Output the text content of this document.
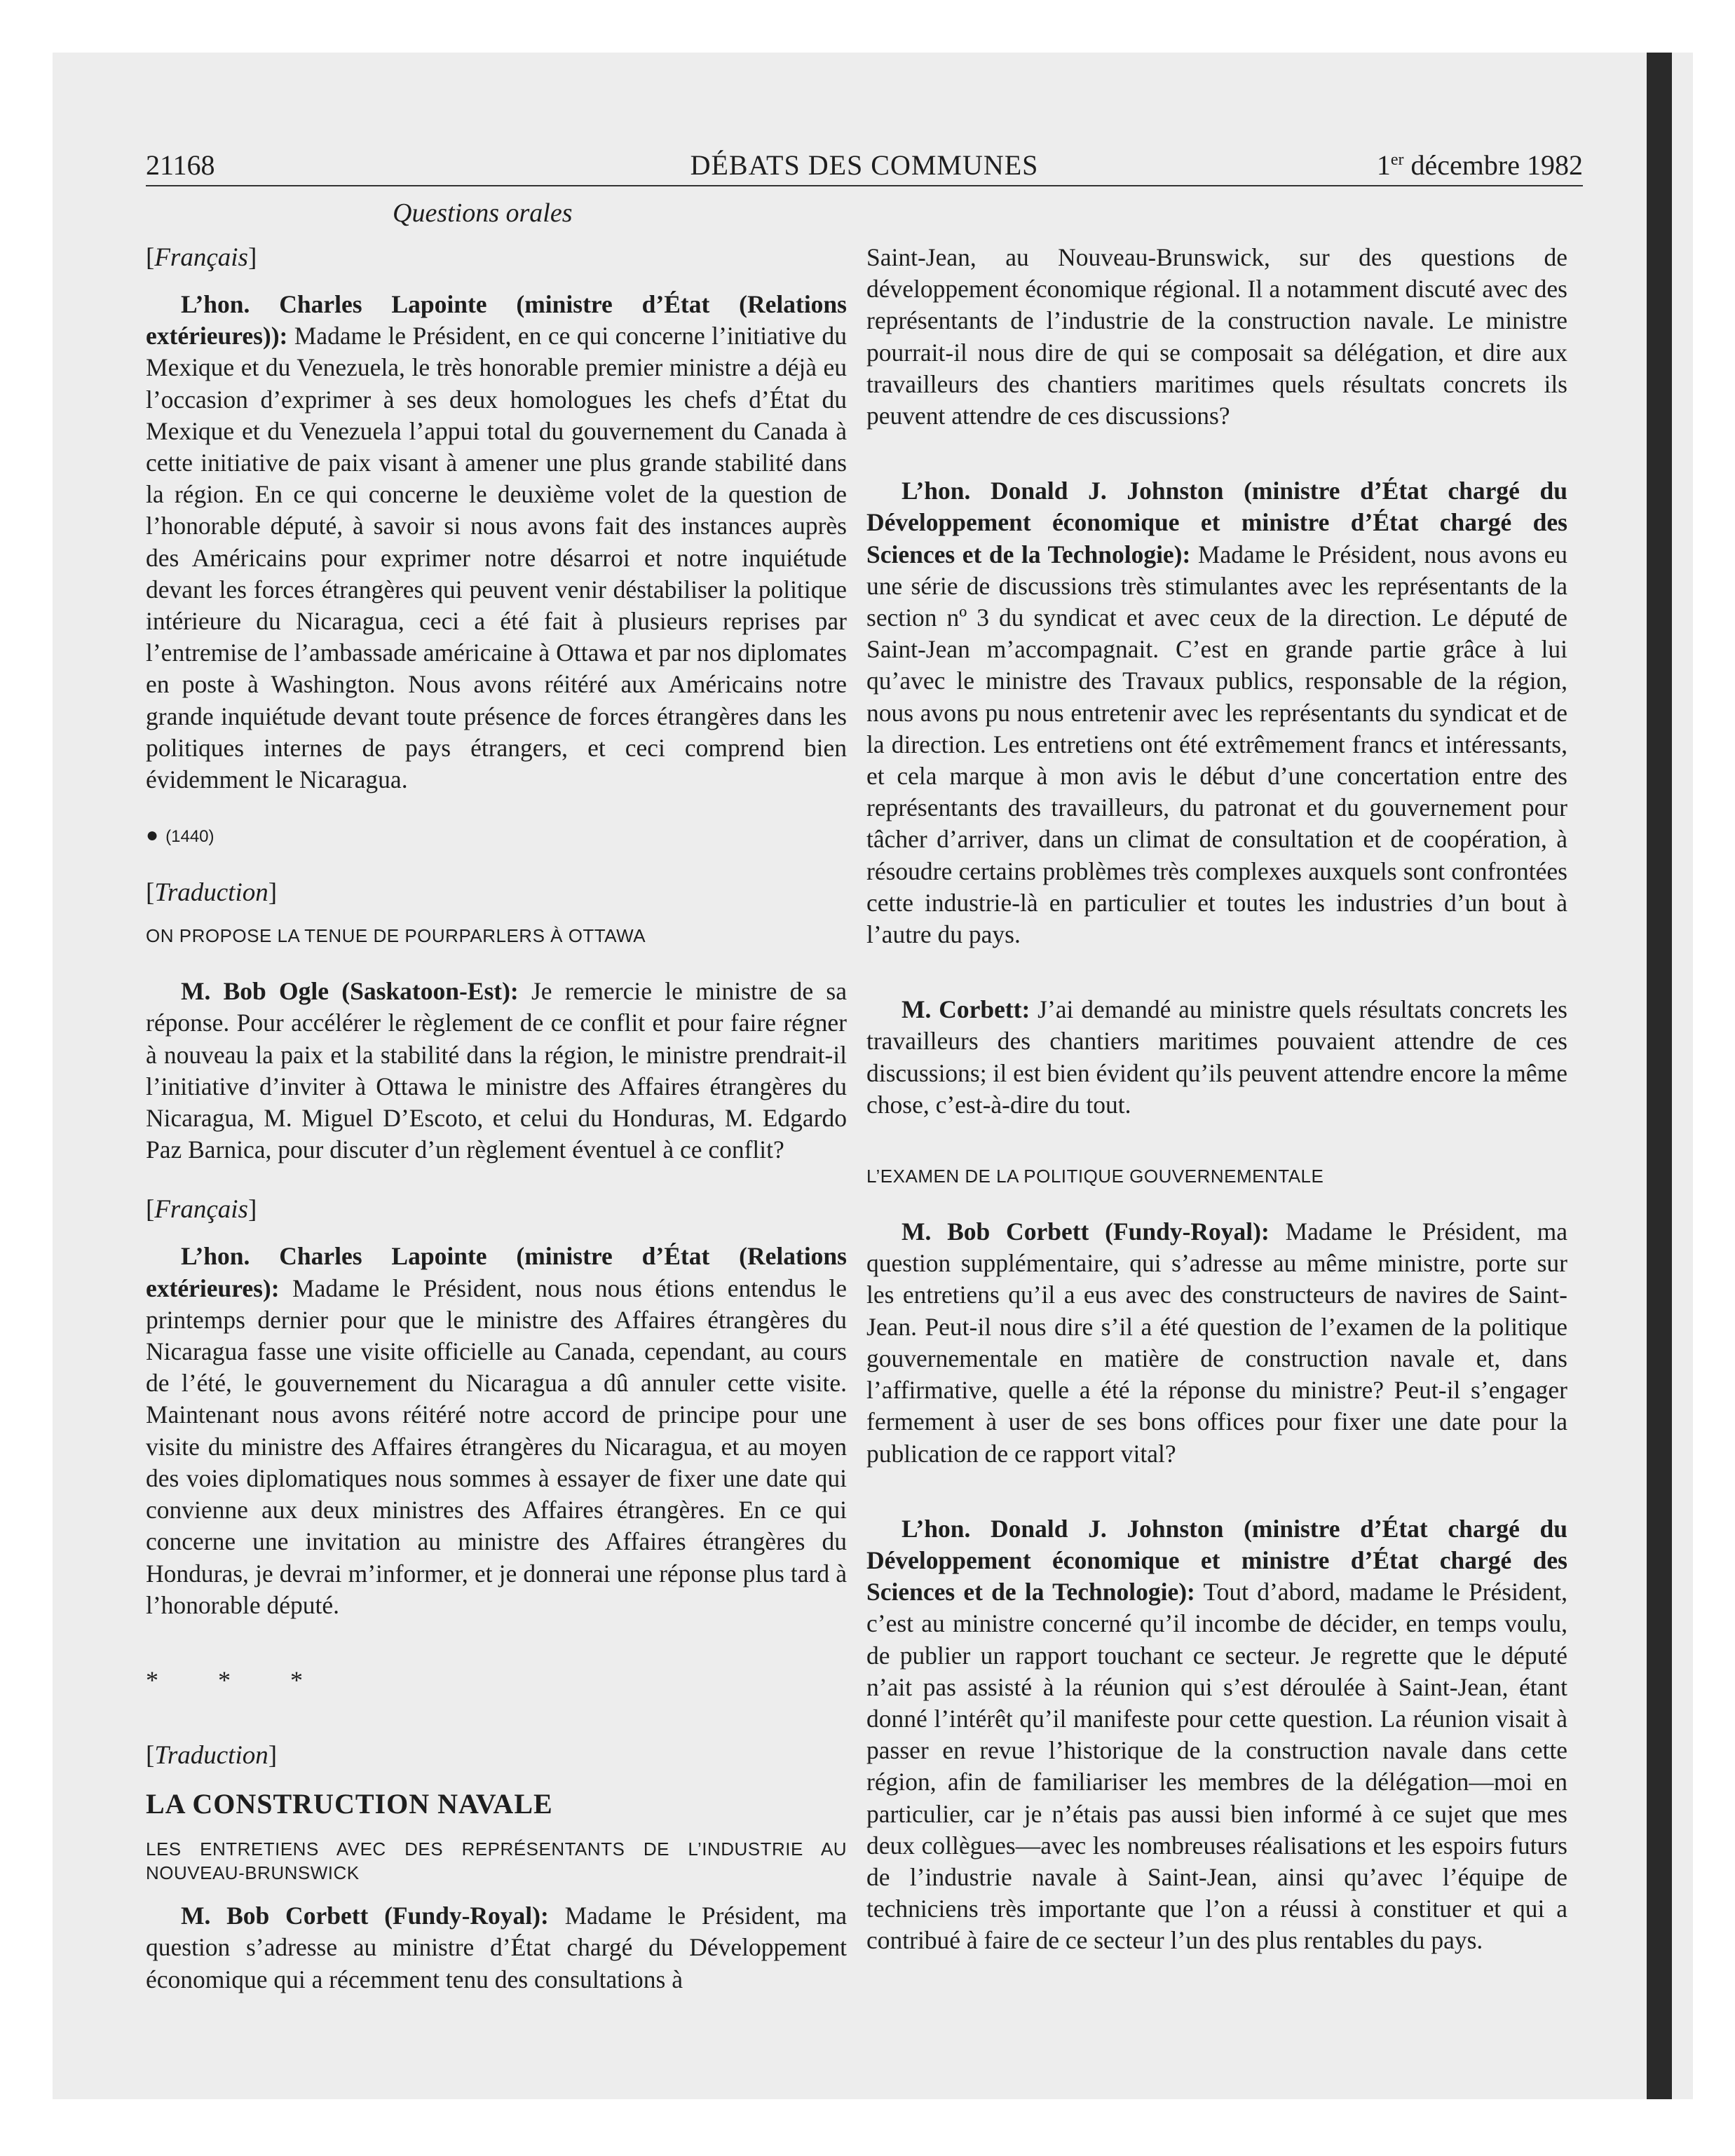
21168	DÉBATS DES COMMUNES	1er décembre 1982
Questions orales

[Français]

L’hon. Charles Lapointe (ministre d’État (Relations extérieures)): Madame le Président, en ce qui concerne l’initiative du Mexique et du Venezuela, le très honorable premier ministre a déjà eu l’occasion d’exprimer à ses deux homologues les chefs d’État du Mexique et du Venezuela l’appui total du gouvernement du Canada à cette initiative de paix visant à amener une plus grande stabilité dans la région. En ce qui concerne le deuxième volet de la question de l’honorable député, à savoir si nous avons fait des instances auprès des Américains pour exprimer notre désarroi et notre inquiétude devant les forces étrangères qui peuvent venir déstabiliser la politique intérieure du Nicaragua, ceci a été fait à plusieurs reprises par l’entremise de l’ambassade américaine à Ottawa et par nos diplomates en poste à Washington. Nous avons réitéré aux Américains notre grande inquiétude devant toute présence de forces étrangères dans les politiques internes de pays étrangers, et ceci comprend bien évidemment le Nicaragua.

● (1440)

[Traduction]

ON PROPOSE LA TENUE DE POURPARLERS À OTTAWA

M. Bob Ogle (Saskatoon-Est): Je remercie le ministre de sa réponse. Pour accélérer le règlement de ce conflit et pour faire régner à nouveau la paix et la stabilité dans la région, le ministre prendrait-il l’initiative d’inviter à Ottawa le ministre des Affaires étrangères du Nicaragua, M. Miguel D’Escoto, et celui du Honduras, M. Edgardo Paz Barnica, pour discuter d’un règlement éventuel à ce conflit?

[Français]

L’hon. Charles Lapointe (ministre d’État (Relations extérieures): Madame le Président, nous nous étions entendus le printemps dernier pour que le ministre des Affaires étrangères du Nicaragua fasse une visite officielle au Canada, cependant, au cours de l’été, le gouvernement du Nicaragua a dû annuler cette visite. Maintenant nous avons réitéré notre accord de principe pour une visite du ministre des Affaires étrangères du Nicaragua, et au moyen des voies diplomatiques nous sommes à essayer de fixer une date qui convienne aux deux ministres des Affaires étrangères. En ce qui concerne une invitation au ministre des Affaires étrangères du Honduras, je devrai m’informer, et je donnerai une réponse plus tard à l’honorable député.

* * *

[Traduction]

LA CONSTRUCTION NAVALE

LES ENTRETIENS AVEC DES REPRÉSENTANTS DE L’INDUSTRIE AU NOUVEAU-BRUNSWICK

M. Bob Corbett (Fundy-Royal): Madame le Président, ma question s’adresse au ministre d’État chargé du Développement économique qui a récemment tenu des consultations à

Saint-Jean, au Nouveau-Brunswick, sur des questions de développement économique régional. Il a notamment discuté avec des représentants de l’industrie de la construction navale. Le ministre pourrait-il nous dire de qui se composait sa délégation, et dire aux travailleurs des chantiers maritimes quels résultats concrets ils peuvent attendre de ces discussions?

L’hon. Donald J. Johnston (ministre d’État chargé du Développement économique et ministre d’État chargé des Sciences et de la Technologie): Madame le Président, nous avons eu une série de discussions très stimulantes avec les représentants de la section nº 3 du syndicat et avec ceux de la direction. Le député de Saint-Jean m’accompagnait. C’est en grande partie grâce à lui qu’avec le ministre des Travaux publics, responsable de la région, nous avons pu nous entretenir avec les représentants du syndicat et de la direction. Les entretiens ont été extrêmement francs et intéressants, et cela marque à mon avis le début d’une concertation entre des représentants des travailleurs, du patronat et du gouvernement pour tâcher d’arriver, dans un climat de consultation et de coopération, à résoudre certains problèmes très complexes auxquels sont confrontées cette industrie-là en particulier et toutes les industries d’un bout à l’autre du pays.

M. Corbett: J’ai demandé au ministre quels résultats concrets les travailleurs des chantiers maritimes pouvaient attendre de ces discussions; il est bien évident qu’ils peuvent attendre encore la même chose, c’est-à-dire du tout.

L’EXAMEN DE LA POLITIQUE GOUVERNEMENTALE

M. Bob Corbett (Fundy-Royal): Madame le Président, ma question supplémentaire, qui s’adresse au même ministre, porte sur les entretiens qu’il a eus avec des constructeurs de navires de Saint-Jean. Peut-il nous dire s’il a été question de l’examen de la politique gouvernementale en matière de construction navale et, dans l’affirmative, quelle a été la réponse du ministre? Peut-il s’engager fermement à user de ses bons offices pour fixer une date pour la publication de ce rapport vital?

L’hon. Donald J. Johnston (ministre d’État chargé du Développement économique et ministre d’État chargé des Sciences et de la Technologie): Tout d’abord, madame le Président, c’est au ministre concerné qu’il incombe de décider, en temps voulu, de publier un rapport touchant ce secteur. Je regrette que le député n’ait pas assisté à la réunion qui s’est déroulée à Saint-Jean, étant donné l’intérêt qu’il manifeste pour cette question. La réunion visait à passer en revue l’historique de la construction navale dans cette région, afin de familiariser les membres de la délégation—moi en particulier, car je n’étais pas aussi bien informé à ce sujet que mes deux collègues—avec les nombreuses réalisations et les espoirs futurs de l’industrie navale à Saint-Jean, ainsi qu’avec l’équipe de techniciens très importante que l’on a réussi à constituer et qui a contribué à faire de ce secteur l’un des plus rentables du pays.
